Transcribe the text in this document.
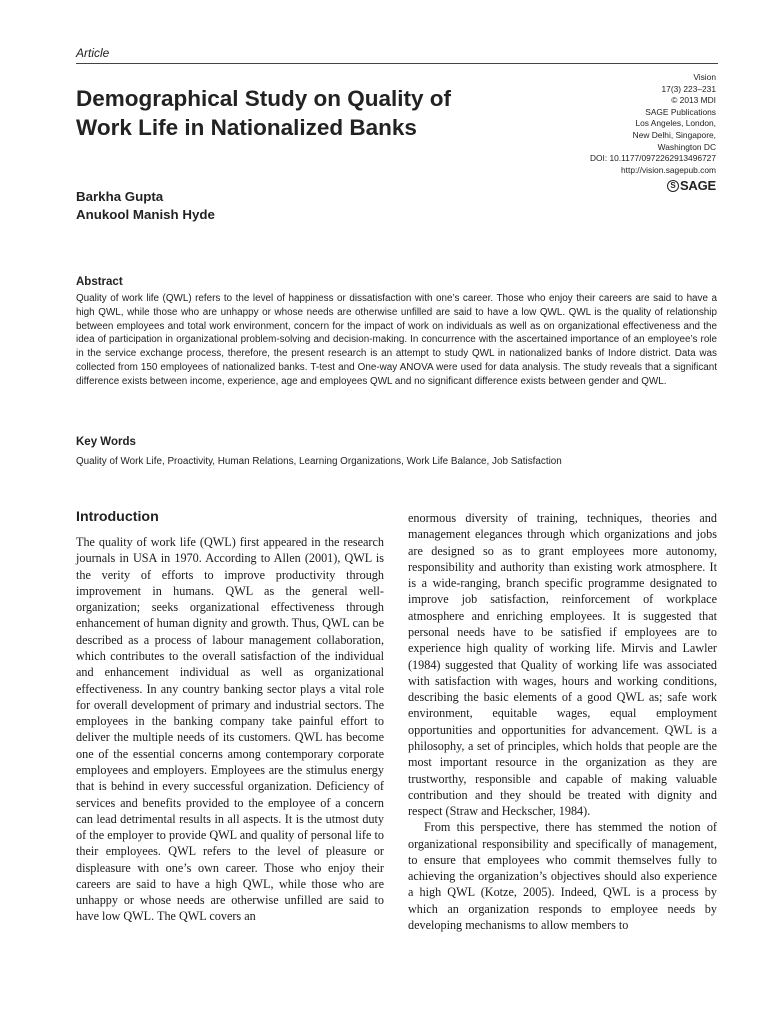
Article
Demographical Study on Quality of Work Life in Nationalized Banks
Vision
17(3) 223–231
© 2013 MDI
SAGE Publications
Los Angeles, London,
New Delhi, Singapore,
Washington DC
DOI: 10.1177/0972262913496727
http://vision.sagepub.com
S SAGE
Barkha Gupta
Anukool Manish Hyde
Abstract

Quality of work life (QWL) refers to the level of happiness or dissatisfaction with one’s career. Those who enjoy their careers are said to have a high QWL, while those who are unhappy or whose needs are otherwise unfilled are said to have a low QWL. QWL is the quality of relationship between employees and total work environment, concern for the impact of work on individuals as well as on organizational effectiveness and the idea of participation in organizational problem-solving and decision-making. In concurrence with the ascertained importance of an employee’s role in the service exchange process, therefore, the present research is an attempt to study QWL in nationalized banks of Indore district. Data was collected from 150 employees of nationalized banks. T-test and One-way ANOVA were used for data analysis. The study reveals that a significant difference exists between income, experience, age and employees QWL and no significant difference exists between gender and QWL.

Key Words

Quality of Work Life, Proactivity, Human Relations, Learning Organizations, Work Life Balance, Job Satisfaction

Introduction

The quality of work life (QWL) first appeared in the research journals in USA in 1970. According to Allen (2001), QWL is the verity of efforts to improve productivity through improvement in humans. QWL as the general well-organization; seeks organizational effectiveness through enhancement of human dignity and growth. Thus, QWL can be described as a process of labour management collaboration, which contributes to the overall satisfaction of the individual and enhancement individual as well as organizational effectiveness. In any country banking sector plays a vital role for overall development of primary and industrial sectors. The employees in the banking company take painful effort to deliver the multiple needs of its customers. QWL has become one of the essential concerns among contemporary corporate employees and employers. Employees are the stimulus energy that is behind in every successful organization. Deficiency of services and benefits provided to the employee of a concern can lead detrimental results in all aspects. It is the utmost duty of the employer to provide QWL and quality of personal life to their employees. QWL refers to the level of pleasure or displeasure with one’s own career. Those who enjoy their careers are said to have a high QWL, while those who are unhappy or whose needs are otherwise unfilled are said to have low QWL. The QWL covers an

enormous diversity of training, techniques, theories and management elegances through which organizations and jobs are designed so as to grant employees more autonomy, responsibility and authority than existing work atmosphere. It is a wide-ranging, branch specific programme designated to improve job satisfaction, reinforcement of workplace atmosphere and enriching employees. It is suggested that personal needs have to be satisfied if employees are to experience high quality of working life. Mirvis and Lawler (1984) suggested that Quality of working life was associated with satisfaction with wages, hours and working conditions, describing the basic elements of a good QWL as; safe work environment, equitable wages, equal employment opportunities and opportunities for advancement. QWL is a philosophy, a set of principles, which holds that people are the most important resource in the organization as they are trustworthy, responsible and capable of making valuable contribution and they should be treated with dignity and respect (Straw and Heckscher, 1984).

From this perspective, there has stemmed the notion of organizational responsibility and specifically of management, to ensure that employees who commit themselves fully to achieving the organization’s objectives should also experience a high QWL (Kotze, 2005). Indeed, QWL is a process by which an organization responds to employee needs by developing mechanisms to allow members to
